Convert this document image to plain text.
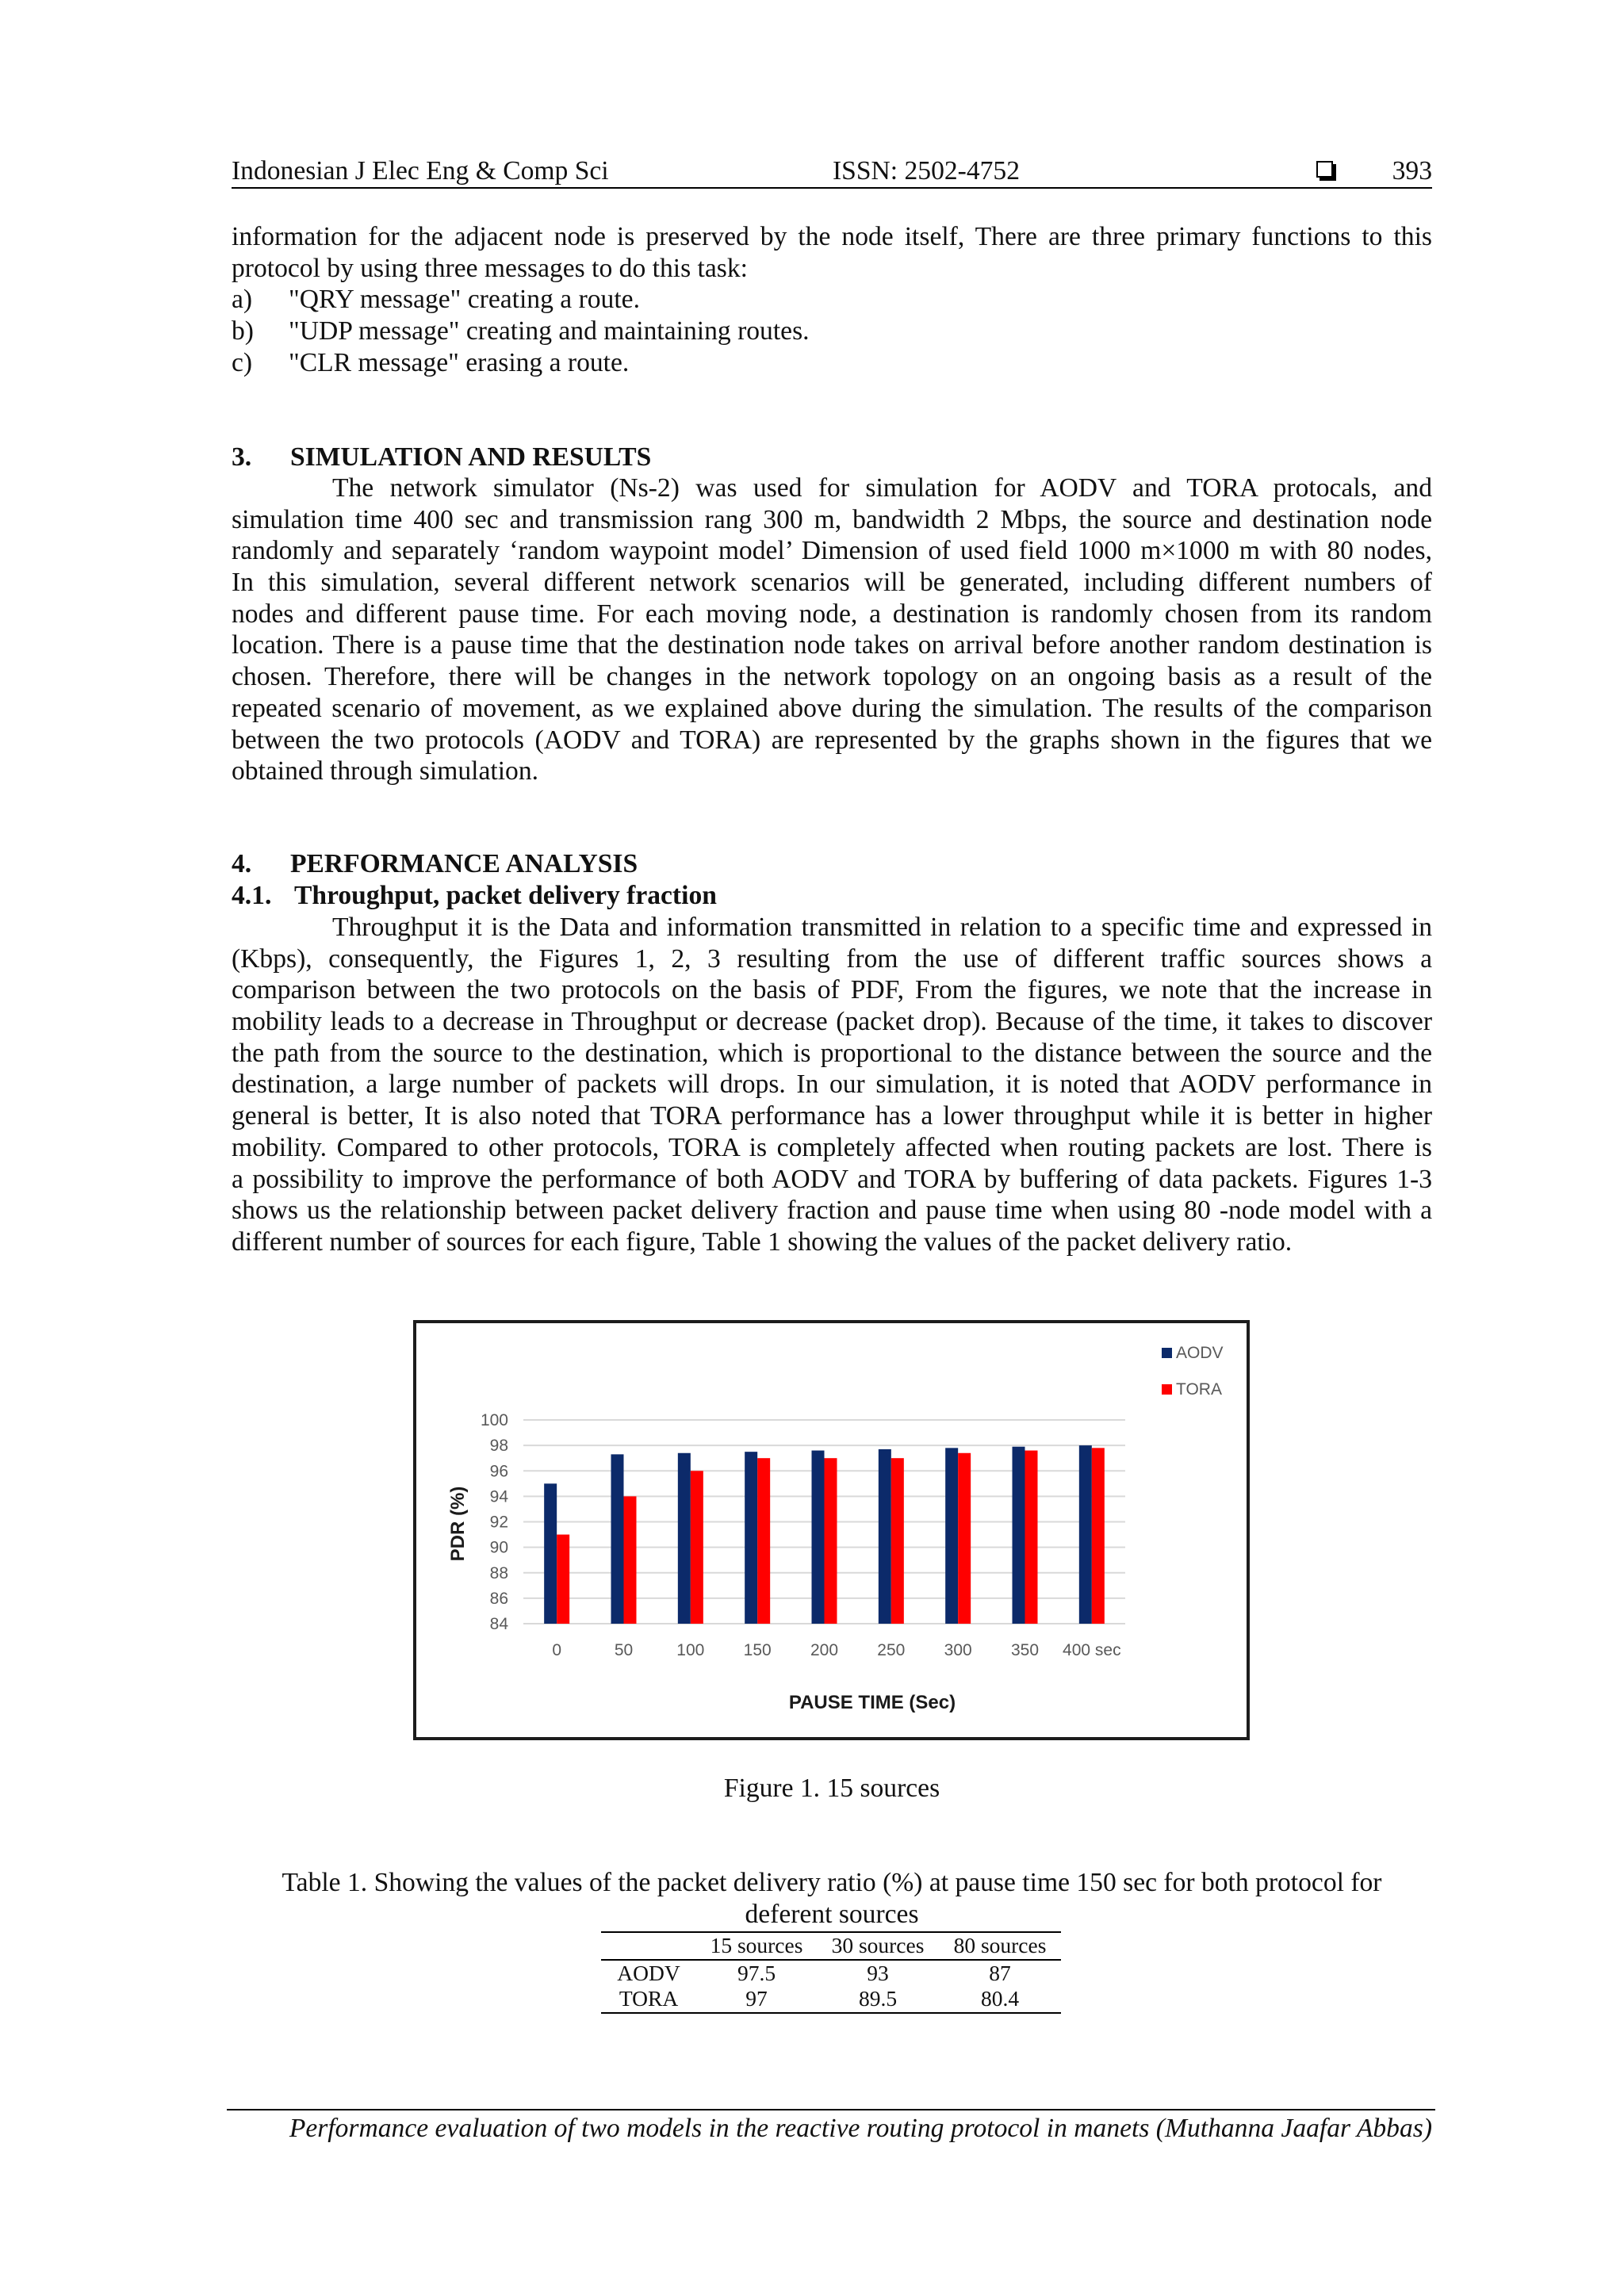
Indonesian J Elec Eng & Comp Sci	ISSN: 2502-4752	393
information for the adjacent node is preserved by the node itself, There are three primary functions to this
protocol by using three messages to do this task:
a) "QRY message" creating a route.
b) "UDP message" creating and maintaining routes.
c) "CLR message" erasing a route.
3. SIMULATION AND RESULTS
The network simulator (Ns-2) was used for simulation for AODV and TORA protocals, and
simulation time 400 sec and transmission rang 300 m, bandwidth 2 Mbps, the source and destination node
randomly and separately ‘random waypoint model’ Dimension of used field 1000 m×1000 m with 80 nodes,
In this simulation, several different network scenarios will be generated, including different numbers of
nodes and different pause time. For each moving node, a destination is randomly chosen from its random
location. There is a pause time that the destination node takes on arrival before another random destination is
chosen. Therefore, there will be changes in the network topology on an ongoing basis as a result of the
repeated scenario of movement, as we explained above during the simulation. The results of the comparison
between the two protocols (AODV and TORA) are represented by the graphs shown in the figures that we
obtained through simulation.
4. PERFORMANCE ANALYSIS
4.1. Throughput, packet delivery fraction
Throughput it is the Data and information transmitted in relation to a specific time and expressed in
(Kbps), consequently, the Figures 1, 2, 3 resulting from the use of different traffic sources shows a
comparison between the two protocols on the basis of PDF, From the figures, we note that the increase in
mobility leads to a decrease in Throughput or decrease (packet drop). Because of the time, it takes to discover
the path from the source to the destination, which is proportional to the distance between the source and the
destination, a large number of packets will drops. In our simulation, it is noted that AODV performance in
general is better, It is also noted that TORA performance has a lower throughput while it is better in higher
mobility. Compared to other protocols, TORA is completely affected when routing packets are lost. There is
a possibility to improve the performance of both AODV and TORA by buffering of data packets. Figures 1-3
shows us the relationship between packet delivery fraction and pause time when using 80 -node model with a
different number of sources for each figure, Table 1 showing the values of the packet delivery ratio.
84
86
88
90
92
94
96
98
100
0	50	100 150 200 250 300 350 400 sec
AODV
TORA
PAUSE TIME (Sec)
PDR (%)
Figure 1. 15 sources
Table 1. Showing the values of the packet delivery ratio (%) at pause time 150 sec for both protocol for
deferent sources
	15 sources	30 sources	80 sources
AODV	97.5	93	87
TORA	97	89.5	80.4
Performance evaluation of two models in the reactive routing protocol in manets (Muthanna Jaafar Abbas)
